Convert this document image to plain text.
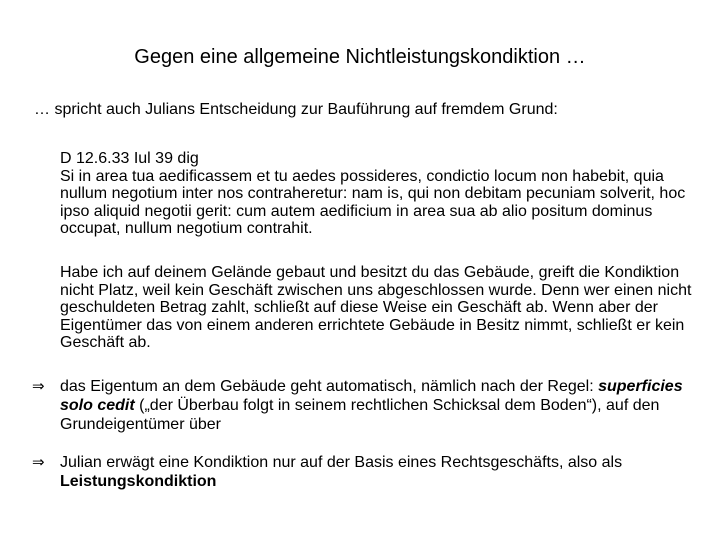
Gegen eine allgemeine Nichtleistungskondiktion …

… spricht auch Julians Entscheidung zur Bauführung auf fremdem Grund:

D 12.6.33 Iul 39 dig

Si in area tua aedificassem et tu aedes possideres, condictio locum non habebit, quia nullum negotium inter nos contraheretur: nam is, qui non debitam pecuniam solverit, hoc ipso aliquid negotii gerit: cum autem aedificium in area sua ab alio positum dominus occupat, nullum negotium contrahit.

Habe ich auf deinem Gelände gebaut und besitzt du das Gebäude, greift die Kondiktion nicht Platz, weil kein Geschäft zwischen uns abgeschlossen wurde. Denn wer einen nicht geschuldeten Betrag zahlt, schließt auf diese Weise ein Geschäft ab. Wenn aber der Eigentümer das von einem anderen errichtete Gebäude in Besitz nimmt, schließt er kein Geschäft ab.

⇒ das Eigentum an dem Gebäude geht automatisch, nämlich nach der Regel: superficies solo cedit („der Überbau folgt in seinem rechtlichen Schicksal dem Boden“), auf den Grundeigentümer über
⇒ Julian erwägt eine Kondiktion nur auf der Basis eines Rechtsgeschäfts, also als Leistungskondiktion
